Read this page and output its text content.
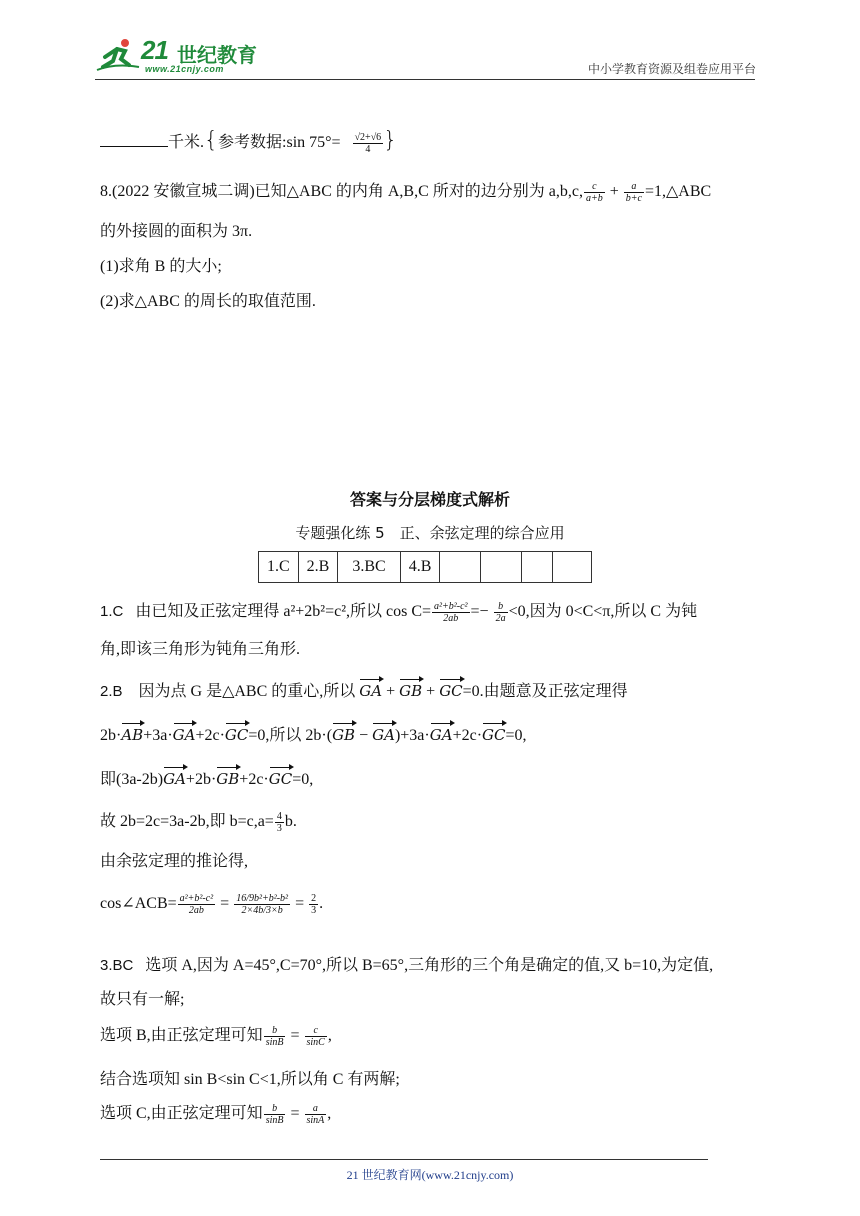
21 世纪教育
www.21cnjy.com	中小学教育资源及组卷应用平台
千米.{参考数据:sin $75^\circ= \frac{√2+√6}{4}$ }
8.(2022 安徽宣城二调)已知△ABC 的内角 A,B,C 所对的边分别为 a,b,c, $\frac{c}{a+b} + \frac{a}{b+c}$ =1,△ABC
的外接圆的面积为 3π.
(1)求角 B 的大小;
(2)求△ABC 的周长的取值范围.
答案与分层梯度式解析
专题强化练 5　正、余弦定理的综合应用
1.C	2.B	3.BC	4.B				
1.C 由已知及正弦定理得 a²+2b²=c²,所以 $\cos C= \frac{\text{a²+b²-c²}}{2ab} =- \frac{b}{2a} <0$,因为 0<C<π,所以 C 为钝
角,即该三角形为钝角三角形.
2.B 因为点 G 是△ABC 的重心,所以 GA + GB + GC=0.由题意及正弦定理得
2b·AB+3a·GA+2c·GC=0,所以 2b·(GB − GA)+3a·GA+2c·GC=0,
即(3a-2b)GA+2b·GB+2c·GC=0,
故 2b=2c=3a-2b,即 $b=c,a= \frac{4}{3} b$.
由余弦定理的推论得,
cos∠ACB= $\frac{\text{a²+b²-c²}}{2ab} = \frac{\text{16/9b²+b²-b²}}{2\times 4b/3\times b} = \frac{2}{3}$ .
3.BC 选项 A,因为 A=45°,C=70°,所以 B=65°,三角形的三个角是确定的值,又 b=10,为定值,
故只有一解;
选项 B,由正弦定理可知 $\frac{b}{\sin B} = \frac{c}{\sin C}$ ,
结合选项知 sin B<sin C<1,所以角 C 有两解;
选项 C,由正弦定理可知 $\frac{b}{\sin B} = \frac{a}{\sin A}$ ,
21 世纪教育网(www.21cnjy.com)
